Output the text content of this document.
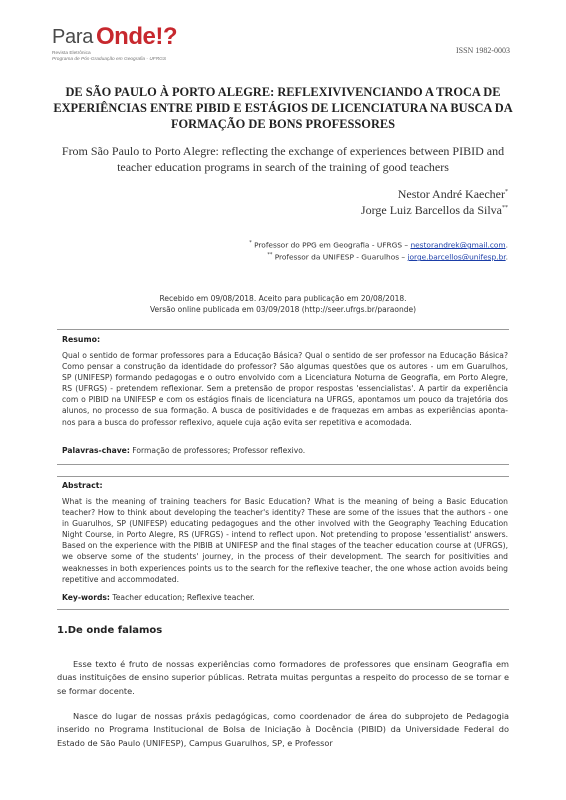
Para Onde!?
Revista Eletrônica
Programa de Pós-Graduação em Geografia - UFRGS
ISSN 1982-0003
DE SÃO PAULO À PORTO ALEGRE: REFLEXIVIVENCIANDO A TROCA DE EXPERIÊNCIAS ENTRE PIBID E ESTÁGIOS DE LICENCIATURA NA BUSCA DA FORMAÇÃO DE BONS PROFESSORES
From São Paulo to Porto Alegre: reflecting the exchange of experiences between PIBID and teacher education programs in search of the training of good teachers
Nestor André Kaecher*
Jorge Luiz Barcellos da Silva**
* Professor do PPG em Geografia - UFRGS – nestorandrek@gmail.com.
** Professor da UNIFESP - Guarulhos – jorge.barcellos@unifesp.br.
Recebido em 09/08/2018. Aceito para publicação em 20/08/2018.
Versão online publicada em 03/09/2018 (http://seer.ufrgs.br/paraonde)
Resumo:
Qual o sentido de formar professores para a Educação Básica? Qual o sentido de ser professor na Educação Básica? Como pensar a construção da identidade do professor? São algumas questões que os autores - um em Guarulhos, SP (UNIFESP) formando pedagogas e o outro envolvido com a Licenciatura Noturna de Geografia, em Porto Alegre, RS (UFRGS) - pretendem reflexionar. Sem a pretensão de propor respostas 'essencialistas'. A partir da experiência com o PIBID na UNIFESP e com os estágios finais de licenciatura na UFRGS, apontamos um pouco da trajetória dos alunos, no processo de sua formação. A busca de positividades e de fraquezas em ambas as experiências aponta-nos para a busca do professor reflexivo, aquele cuja ação evita ser repetitiva e acomodada.
Palavras-chave: Formação de professores; Professor reflexivo.
Abstract:
What is the meaning of training teachers for Basic Education? What is the meaning of being a Basic Education teacher? How to think about developing the teacher's identity? These are some of the issues that the authors - one in Guarulhos, SP (UNIFESP) educating pedagogues and the other involved with the Geography Teaching Education Night Course, in Porto Alegre, RS (UFRGS) - intend to reflect upon. Not pretending to propose 'essentialist' answers. Based on the experience with the PIBIB at UNIFESP and the final stages of the teacher education course at (UFRGS), we observe some of the students' journey, in the process of their development. The search for positivities and weaknesses in both experiences points us to the search for the reflexive teacher, the one whose action avoids being repetitive and accommodated.
Key-words: Teacher education; Reflexive teacher.
1.De onde falamos
Esse texto é fruto de nossas experiências como formadores de professores que ensinam Geografia em duas instituições de ensino superior públicas. Retrata muitas perguntas a respeito do processo de se tornar e se formar docente.
Nasce do lugar de nossas práxis pedagógicas, como coordenador de área do subprojeto de Pedagogia inserido no Programa Institucional de Bolsa de Iniciação à Docência (PIBID) da Universidade Federal do Estado de São Paulo (UNIFESP), Campus Guarulhos, SP, e Professor
